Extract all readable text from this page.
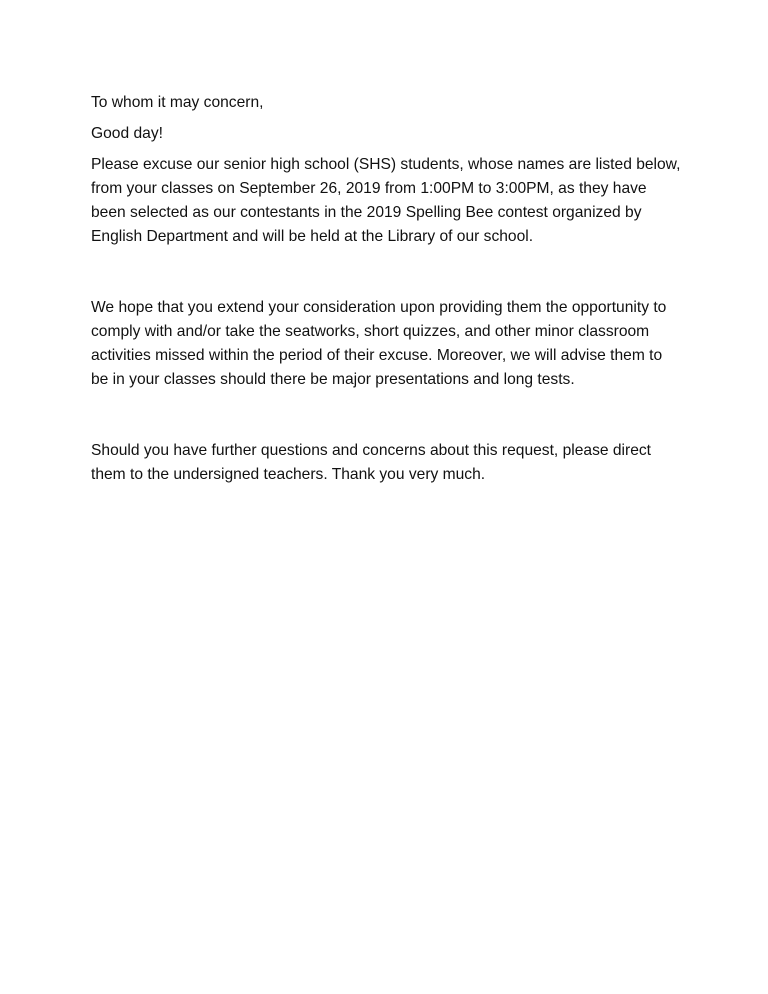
To whom it may concern,

Good day!

Please excuse our senior high school (SHS) students, whose names are listed below, from your classes on September 26, 2019 from 1:00PM to 3:00PM, as they have been selected as our contestants in the 2019 Spelling Bee contest organized by English Department and will be held at the Library of our school.

We hope that you extend your consideration upon providing them the opportunity to comply with and/or take the seatworks, short quizzes, and other minor classroom activities missed within the period of their excuse. Moreover, we will advise them to be in your classes should there be major presentations and long tests.

Should you have further questions and concerns about this request, please direct them to the undersigned teachers. Thank you very much.
